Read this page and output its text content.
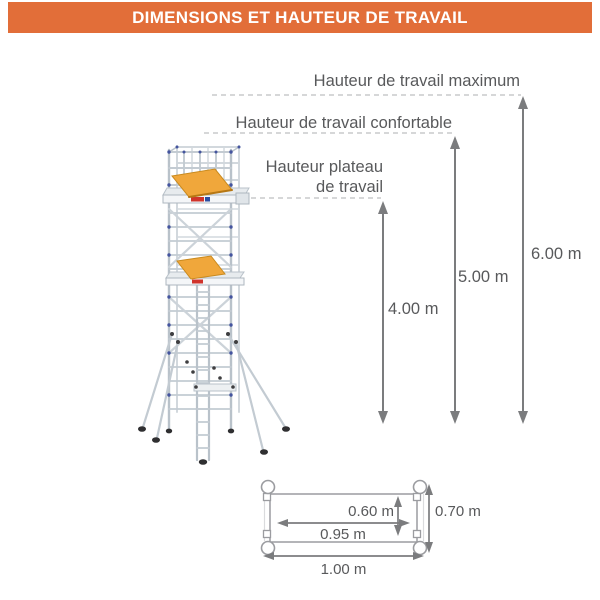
DIMENSIONS ET HAUTEUR DE TRAVAIL
Hauteur de travail maximum
Hauteur de travail confortable
Hauteur plateau de travail
4.00 m
5.00 m
6.00 m
0.60 m
0.95 m
0.70 m
1.00 m
